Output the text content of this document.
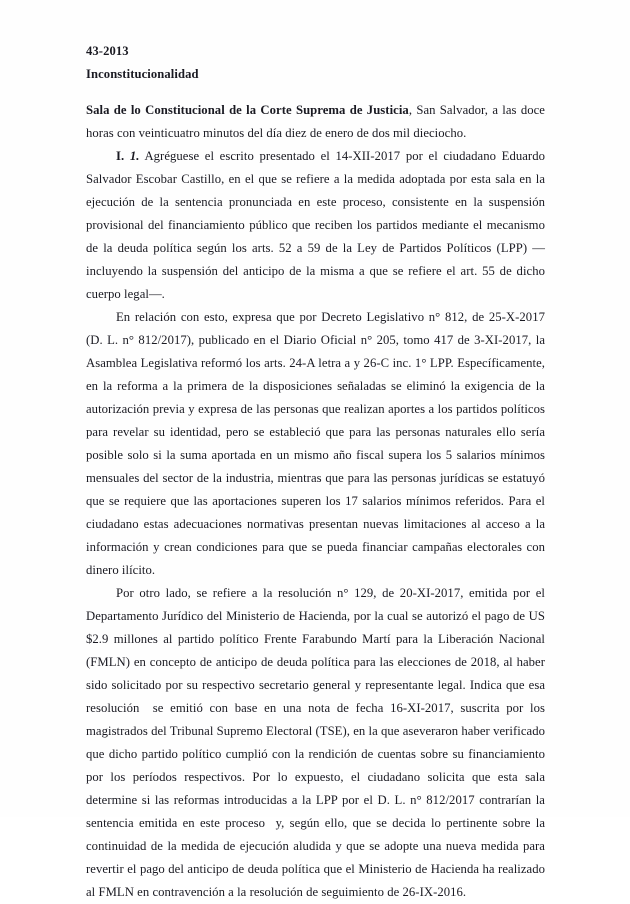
43-2013
Inconstitucionalidad

Sala de lo Constitucional de la Corte Suprema de Justicia, San Salvador, a las doce horas con veinticuatro minutos del día diez de enero de dos mil dieciocho.

I. 1. Agréguese el escrito presentado el 14-XII-2017 por el ciudadano Eduardo Salvador Escobar Castillo, en el que se refiere a la medida adoptada por esta sala en la ejecución de la sentencia pronunciada en este proceso, consistente en la suspensión provisional del financiamiento público que reciben los partidos mediante el mecanismo de la deuda política según los arts. 52 a 59 de la Ley de Partidos Políticos (LPP) —incluyendo la suspensión del anticipo de la misma a que se refiere el art. 55 de dicho cuerpo legal—.

En relación con esto, expresa que por Decreto Legislativo n° 812, de 25-X-2017 (D. L. n° 812/2017), publicado en el Diario Oficial n° 205, tomo 417 de 3-XI-2017, la Asamblea Legislativa reformó los arts. 24-A letra a y 26-C inc. 1° LPP. Específicamente, en la reforma a la primera de la disposiciones señaladas se eliminó la exigencia de la autorización previa y expresa de las personas que realizan aportes a los partidos políticos para revelar su identidad, pero se estableció que para las personas naturales ello sería posible solo si la suma aportada en un mismo año fiscal supera los 5 salarios mínimos mensuales del sector de la industria, mientras que para las personas jurídicas se estatuyó que se requiere que las aportaciones superen los 17 salarios mínimos referidos. Para el ciudadano estas adecuaciones normativas presentan nuevas limitaciones al acceso a la información y crean condiciones para que se pueda financiar campañas electorales con dinero ilícito.

Por otro lado, se refiere a la resolución n° 129, de 20-XI-2017, emitida por el Departamento Jurídico del Ministerio de Hacienda, por la cual se autorizó el pago de US $2.9 millones al partido político Frente Farabundo Martí para la Liberación Nacional (FMLN) en concepto de anticipo de deuda política para las elecciones de 2018, al haber sido solicitado por su respectivo secretario general y representante legal. Indica que esa resolución  se emitió con base en una nota de fecha 16-XI-2017, suscrita por los magistrados del Tribunal Supremo Electoral (TSE), en la que aseveraron haber verificado que dicho partido político cumplió con la rendición de cuentas sobre su financiamiento por los períodos respectivos. Por lo expuesto, el ciudadano solicita que esta sala determine si las reformas introducidas a la LPP por el D. L. n° 812/2017 contrarían la sentencia emitida en este proceso  y, según ello, que se decida lo pertinente sobre la continuidad de la medida de ejecución aludida y que se adopte una nueva medida para revertir el pago del anticipo de deuda política que el Ministerio de Hacienda ha realizado al FMLN en contravención a la resolución de seguimiento de 26-IX-2016.
